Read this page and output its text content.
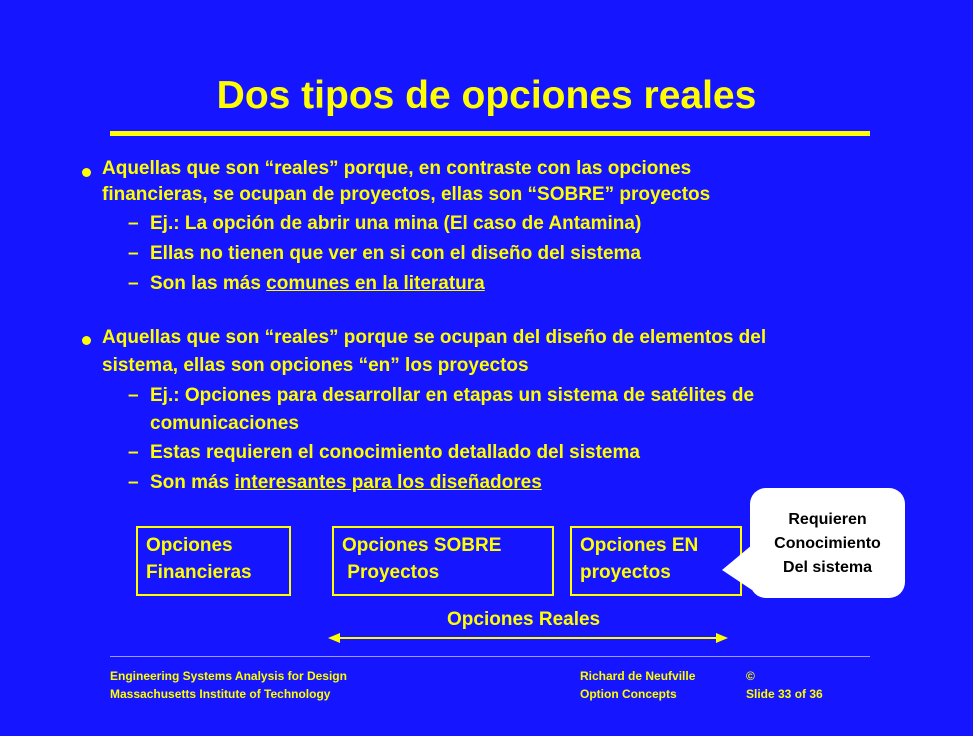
Dos tipos de opciones reales
Aquellas que son “reales” porque, en contraste con las opciones
financieras, se ocupan de proyectos, ellas son “SOBRE” proyectos
– Ej.: La opción de abrir una mina (El caso de Antamina)
– Ellas no tienen que ver en si con el diseño del sistema
– Son las más comunes en la literatura
Aquellas que son “reales” porque se ocupan del diseño de elementos del
sistema, ellas son opciones “en” los proyectos
– Ej.: Opciones para desarrollar en etapas un sistema de satélites de
comunicaciones
– Estas requieren el conocimiento detallado del sistema
– Son más interesantes para los diseñadores
Opciones
Financieras
Opciones SOBRE
Proyectos
Opciones EN
proyectos
Requieren
Conocimiento
Del sistema
Opciones Reales
Engineering Systems Analysis for Design
Massachusetts Institute of Technology
Richard de Neufville	©
Option Concepts	Slide 33 of 36
